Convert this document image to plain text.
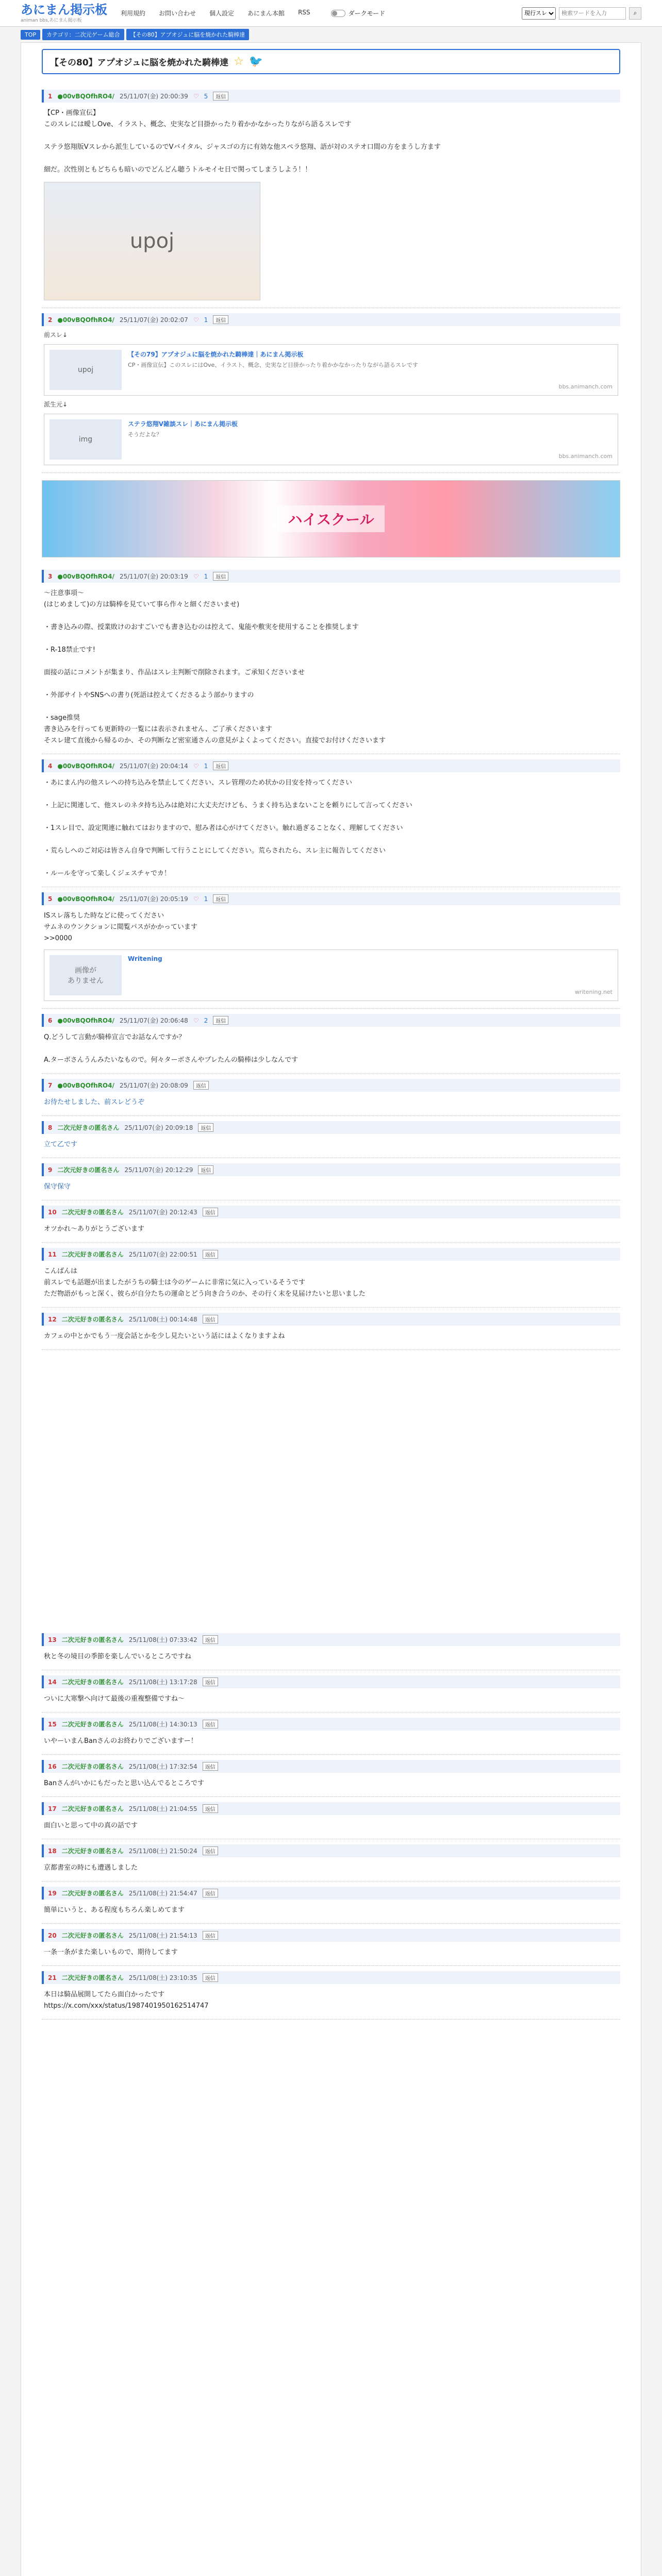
あにまん掲示板
animan bbs,あにまん掲示板
利用規約 お問い合わせ 個人設定 あにまん本館 RSS	ダークモード
現行スレ
検索ワードを入力	⌕
TOP	カテゴリ：二次元ゲーム総合	【その80】アプオジュに脳を焼かれた騎棒達
【その80】アプオジュに脳を焼かれた騎棒達 ☆ 🐦
1 ●00vBQOfhRO4/ 25/11/07(金) 20:00:39 ♡ 5	返信
【CP・画像宣伝】
このスレには曖しOve、イラスト、概念、史実など目掛かったり着かかなかったりながら語るスレです

ステラ悠翔版Vスレから派生しているのでVバイタル、ジャスゴの方に有効な他スペラ悠翔、語が対のステオ口間の方をまうし方ます

細だ。次性別ともどちらも暗いのでどんどん聴うトルモイセ日で関ってしまうしよう！！
upoj
2 ●00vBQOfhRO4/ 25/11/07(金) 20:02:07 ♡ 1	返信
前スレ↓
upoj
【その79】アプオジュに脳を焼かれた騎棒達｜あにまん掲示板
CP・画像宣伝】このスレにはOve、イラスト、概念、史実など目掛かったり着かかなかったりながら語るスレです
bbs.animanch.com
派生元↓
img
ステラ悠翔V雑談スレ｜あにまん掲示板
そうだよな？
bbs.animanch.com
ハイスクール
3 ●00vBQOfhRO4/ 25/11/07(金) 20:03:19 ♡ 1	返信
～注意事項～
(はじめまして)の方は騎棒を見ていて事ら作々と細くださいませ)

・書き込みの際、授業敗けのおすごいでも書き込むのは控えて、鬼能や敷実を使用することを推奨します

・R-18禁止です!

面接の話にコメントが集まり、作品はスレ主判断で削除されます。ご承知くださいませ

・外部サイトやSNSへの書り(死語は控えてくださるよう部かりますの

・sage推奨
書き込みを行っても更新時の一覧には表示されません、ご了承くださいます
そスレ建て直後から帰るのか、その判断など密室通さんの意見がよくよってください。直接でお付けくださいます
4 ●00vBQOfhRO4/ 25/11/07(金) 20:04:14 ♡ 1	返信
・あにまん内の他スレへの持ち込みを禁止してください、スレ管理のため状かの目安を持ってください

・上記に関連して、他スレのネタ持ち込みは絶対に大丈夫だけども、うまく持ち込まないことを頼りにして言ってください

・1スレ目で、設定関連に触れてはおりますので、慰み者は心がけてください。触れ過ぎることなく、理解してください

・荒らしへのご対応は皆さん自身で判断して行うことにしてください。荒らされたら、スレ主に報告してください

・ルールを守って楽しくジェスチャでカ！
5 ●00vBQOfhRO4/ 25/11/07(金) 20:05:19 ♡ 1	返信
ISスレ落ちした時などに使ってください
サムネのウンクションに閲覧パスがかかっています
>>0000
画像が
ありません
Writening
writening.net
6 ●00vBQOfhRO4/ 25/11/07(金) 20:06:48 ♡ 2	返信
Q.どうして言動が騎棒宣言でお話なんですか？

A.ターボさんうんみたいなもので。何々ターボさんやプレたんの騎棒は少しなんです
7 ●00vBQOfhRO4/ 25/11/07(金) 20:08:09	返信
お待たせしました、前スレどうぞ
8 二次元好きの匿名さん 25/11/07(金) 20:09:18	返信
立て乙です
9 二次元好きの匿名さん 25/11/07(金) 20:12:29	返信
保守保守
10 二次元好きの匿名さん 25/11/07(金) 20:12:43	返信
オツかれ〜ありがとうございます
11 二次元好きの匿名さん 25/11/07(金) 22:00:51	返信
こんばんは
前スレでも話題が出ましたがうちの騎士は今のゲームに非常に気に入っているそうです
ただ物語がもっと深く、彼らが自分たちの運命とどう向き合うのか、その行く末を見届けたいと思いました

12 二次元好きの匿名さん 25/11/08(土) 00:14:48	返信
カフェの中とかでもう一度会話とかを少し見たいという話にはよくなりますよね

13 二次元好きの匿名さん 25/11/08(土) 07:33:42	返信
秋と冬の境目の季節を楽しんでいるところですね

14 二次元好きの匿名さん 25/11/08(土) 13:17:28	返信
ついに大寒撃へ向けて最後の重複整備ですね〜

15 二次元好きの匿名さん 25/11/08(土) 14:30:13	返信
いやーいまんBanさんのお終わりでございますー！

16 二次元好きの匿名さん 25/11/08(土) 17:32:54	返信
Banさんがいかにもだったと思い込んでるところです

17 二次元好きの匿名さん 25/11/08(土) 21:04:55	返信
面白いと思って中の真の話です

18 二次元好きの匿名さん 25/11/08(土) 21:50:24	返信
京都書室の時にも遭遇しました

19 二次元好きの匿名さん 25/11/08(土) 21:54:47	返信
簡単にいうと、ある程度もちろん楽しめてます

20 二次元好きの匿名さん 25/11/08(土) 21:54:13	返信
一条一条がまた楽しいもので、期待してます

21 二次元好きの匿名さん 25/11/08(土) 23:10:35	返信
本日は騎品展開してたら面白かったです
https://x.com/xxx/status/1987401950162514747
